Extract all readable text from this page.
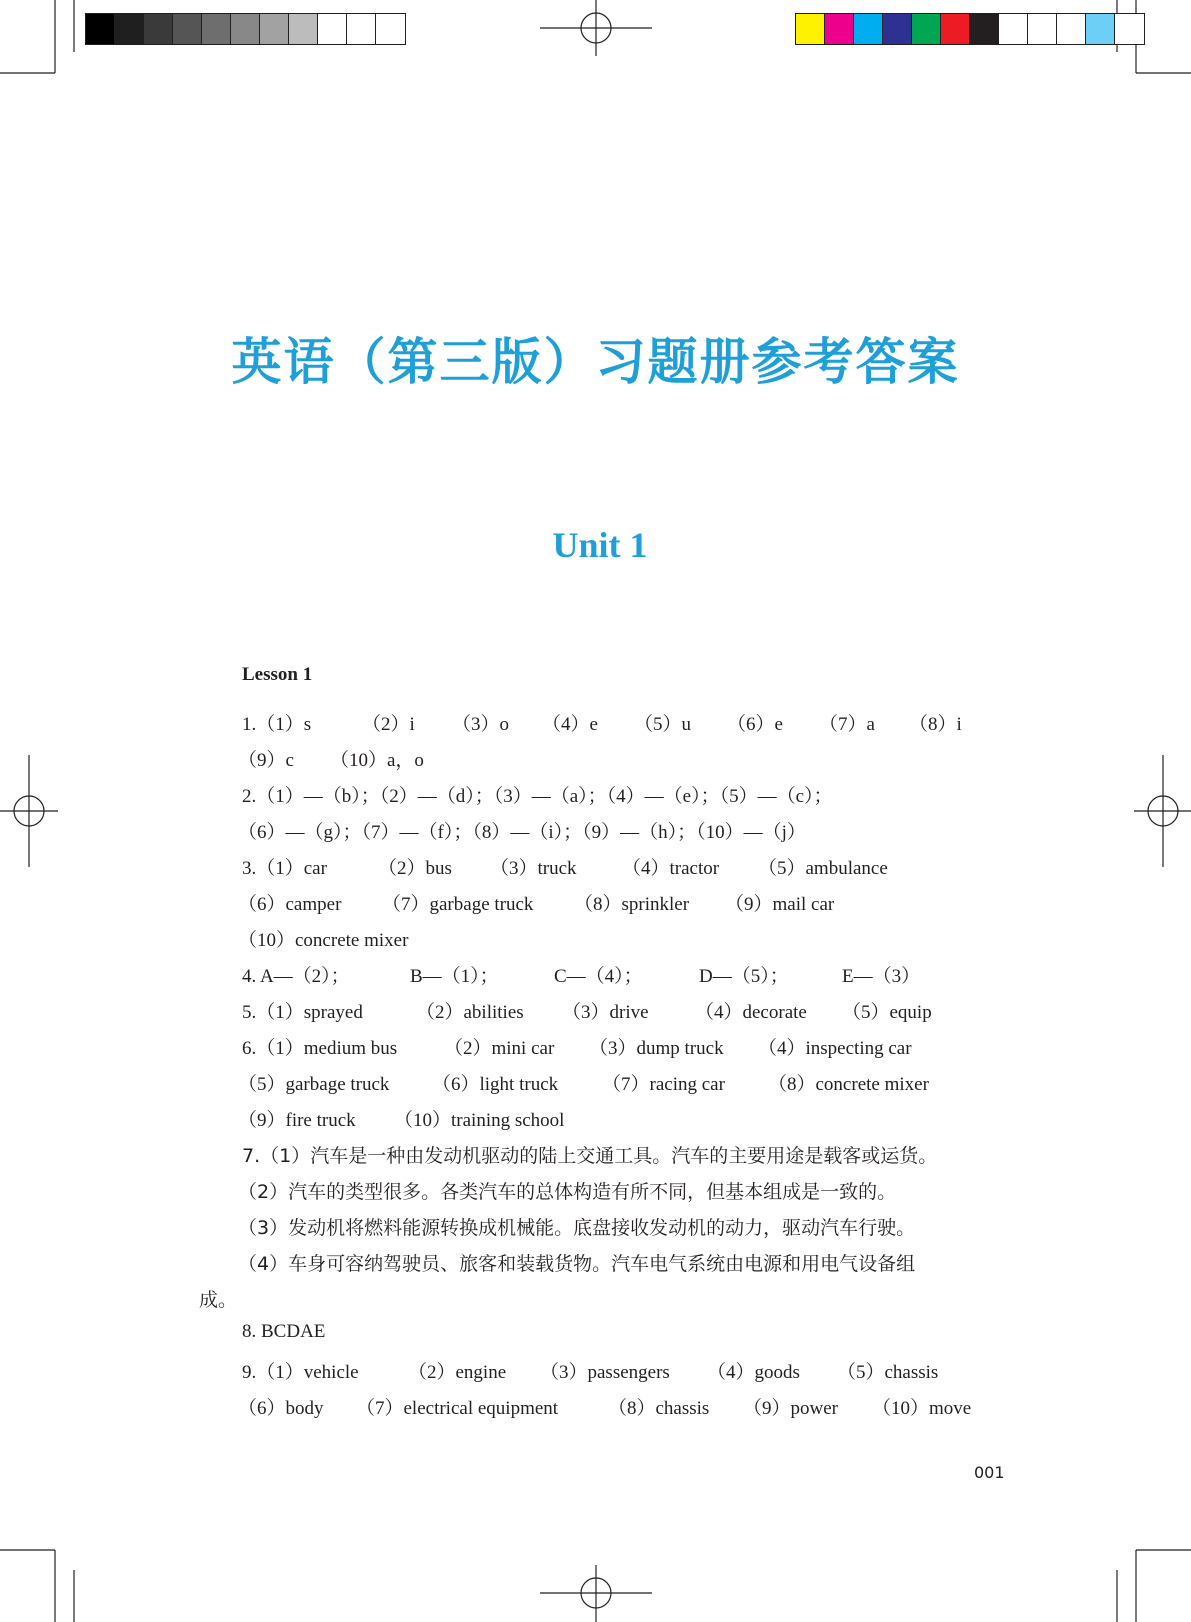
英语（第三版）习题册参考答案
Unit 1
Lesson 1
1.（1）s	（2）i （3）o （4）e （5）u （6）e （7）a （8）i
（9）c （10）a，o
2.（1）—（b）；（2）—（d）；（3）—（a）；（4）—（e）；（5）—（c）；
（6）—（g）；（7）—（f）；（8）—（i）；（9）—（h）；（10）—（j）
3.（1）car	（2）bus （3）truck （4）tractor （5）ambulance
（6）camper （7）garbage truck （8）sprinkler （9）mail car
（10）concrete mixer
4. A—（2）；	B—（1）；	C—（4）；	D—（5）；	E—（3）
5.（1）sprayed	（2）abilities （3）drive （4）decorate （5）equip
6.（1）medium bus （2）mini car （3）dump truck （4）inspecting car
（5）garbage truck （6）light truck （7）racing car （8）concrete mixer
（9）fire truck （10）training school
7.（1）汽车是一种由发动机驱动的陆上交通工具。汽车的主要用途是载客或运货。
（2）汽车的类型很多。各类汽车的总体构造有所不同，但基本组成是一致的。
（3）发动机将燃料能源转换成机械能。底盘接收发动机的动力，驱动汽车行驶。
（4）车身可容纳驾驶员、旅客和装载货物。汽车电气系统由电源和用电气设备组
成。
8. BCDAE
9.（1）vehicle	（2）engine （3）passengers （4）goods （5）chassis
（6）body （7）electrical equipment	（8）chassis （9）power （10）move
001
